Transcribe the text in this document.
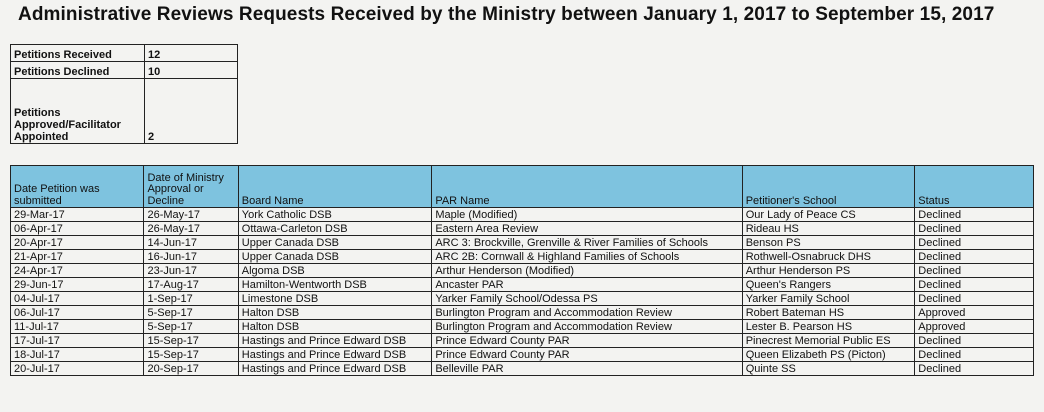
Administrative Reviews Requests Received by the Ministry between January 1, 2017 to September 15, 2017
Petitions Received	12
Petitions Declined	10
Petitions Approved/Facilitator Appointed	2
Date Petition was submitted	Date of Ministry Approval or Decline	Board Name	PAR Name	Petitioner's School	Status
29-Mar-17	26-May-17	York Catholic DSB	Maple (Modified)	Our Lady of Peace CS	Declined
06-Apr-17	26-May-17	Ottawa-Carleton DSB	Eastern Area Review	Rideau HS	Declined
20-Apr-17	14-Jun-17	Upper Canada DSB	ARC 3: Brockville, Grenville & River Families of Schools	Benson PS	Declined
21-Apr-17	16-Jun-17	Upper Canada DSB	ARC 2B: Cornwall & Highland Families of Schools	Rothwell-Osnabruck DHS	Declined
24-Apr-17	23-Jun-17	Algoma DSB	Arthur Henderson (Modified)	Arthur Henderson PS	Declined
29-Jun-17	17-Aug-17	Hamilton-Wentworth DSB	Ancaster PAR	Queen's Rangers	Declined
04-Jul-17	1-Sep-17	Limestone DSB	Yarker Family School/Odessa PS	Yarker Family School	Declined
06-Jul-17	5-Sep-17	Halton DSB	Burlington Program and Accommodation Review	Robert Bateman HS	Approved
11-Jul-17	5-Sep-17	Halton DSB	Burlington Program and Accommodation Review	Lester B. Pearson HS	Approved
17-Jul-17	15-Sep-17	Hastings and Prince Edward DSB	Prince Edward County PAR	Pinecrest Memorial Public ES	Declined
18-Jul-17	15-Sep-17	Hastings and Prince Edward DSB	Prince Edward County PAR	Queen Elizabeth PS (Picton)	Declined
20-Jul-17	20-Sep-17	Hastings and Prince Edward DSB	Belleville PAR	Quinte SS	Declined
